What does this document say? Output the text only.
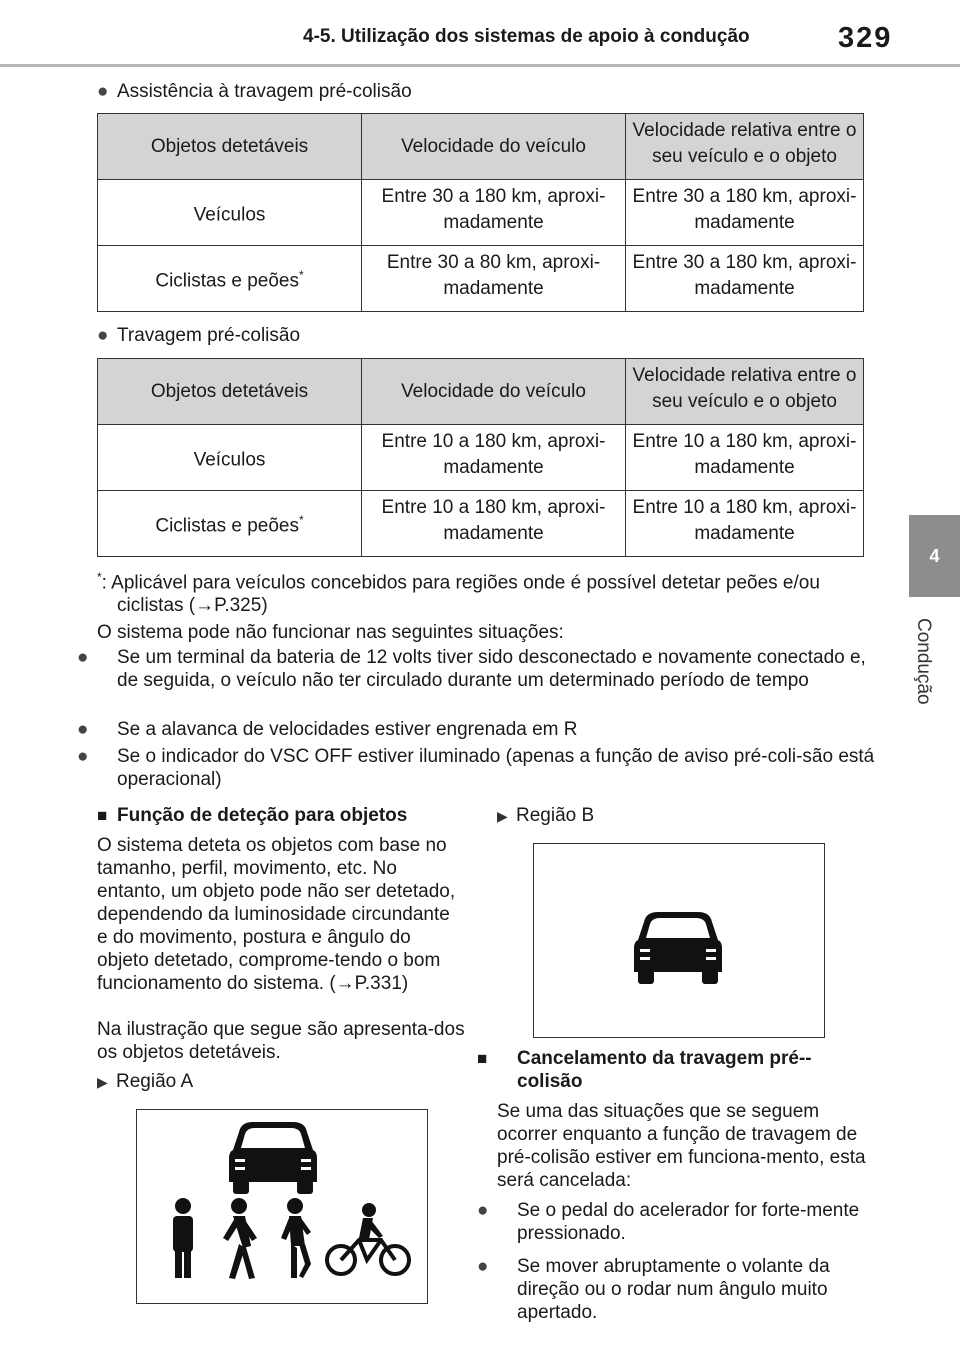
4-5. Utilização dos sistemas de apoio à condução	329
4
Condução
● Assistência à travagem pré-colisão
Objetos detetáveis	Velocidade do veículo	Velocidade relativa entre o seu veículo e o objeto
Veículos	Entre 30 a 180 km, aproxi-madamente	Entre 30 a 180 km, aproxi-madamente
Ciclistas e peões*	Entre 30 a 80 km, aproxi-madamente	Entre 30 a 180 km, aproxi-madamente
● Travagem pré-colisão
Objetos detetáveis	Velocidade do veículo	Velocidade relativa entre o seu veículo e o objeto
Veículos	Entre 10 a 180 km, aproxi-madamente	Entre 10 a 180 km, aproxi-madamente
Ciclistas e peões*	Entre 10 a 180 km, aproxi-madamente	Entre 10 a 180 km, aproxi-madamente
*: Aplicável para veículos concebidos para regiões onde é possível detetar peões e/ou ciclistas (→P.325)
O sistema pode não funcionar nas seguintes situações:
● Se um terminal da bateria de 12 volts tiver sido desconectado e novamente conectado e, de seguida, o veículo não ter circulado durante um determinado período de tempo
● Se a alavanca de velocidades estiver engrenada em R
● Se o indicador do VSC OFF estiver iluminado (apenas a função de aviso pré-coli-são está operacional)
■ Função de deteção para objetos
O sistema deteta os objetos com base no tamanho, perfil, movimento, etc. No entanto, um objeto pode não ser detetado, dependendo da luminosidade circundante e do movimento, postura e ângulo do objeto detetado, comprome-tendo o bom funcionamento do sistema. (→P.331)
Na ilustração que segue são apresenta-dos os objetos detetáveis.
▶ Região A
▶ Região B
■ Cancelamento da travagem pré--colisão
Se uma das situações que se seguem ocorrer enquanto a função de travagem de pré-colisão estiver em funciona-mento, esta será cancelada:
● Se o pedal do acelerador for forte-mente pressionado.
● Se mover abruptamente o volante da direção ou o rodar num ângulo muito apertado.
